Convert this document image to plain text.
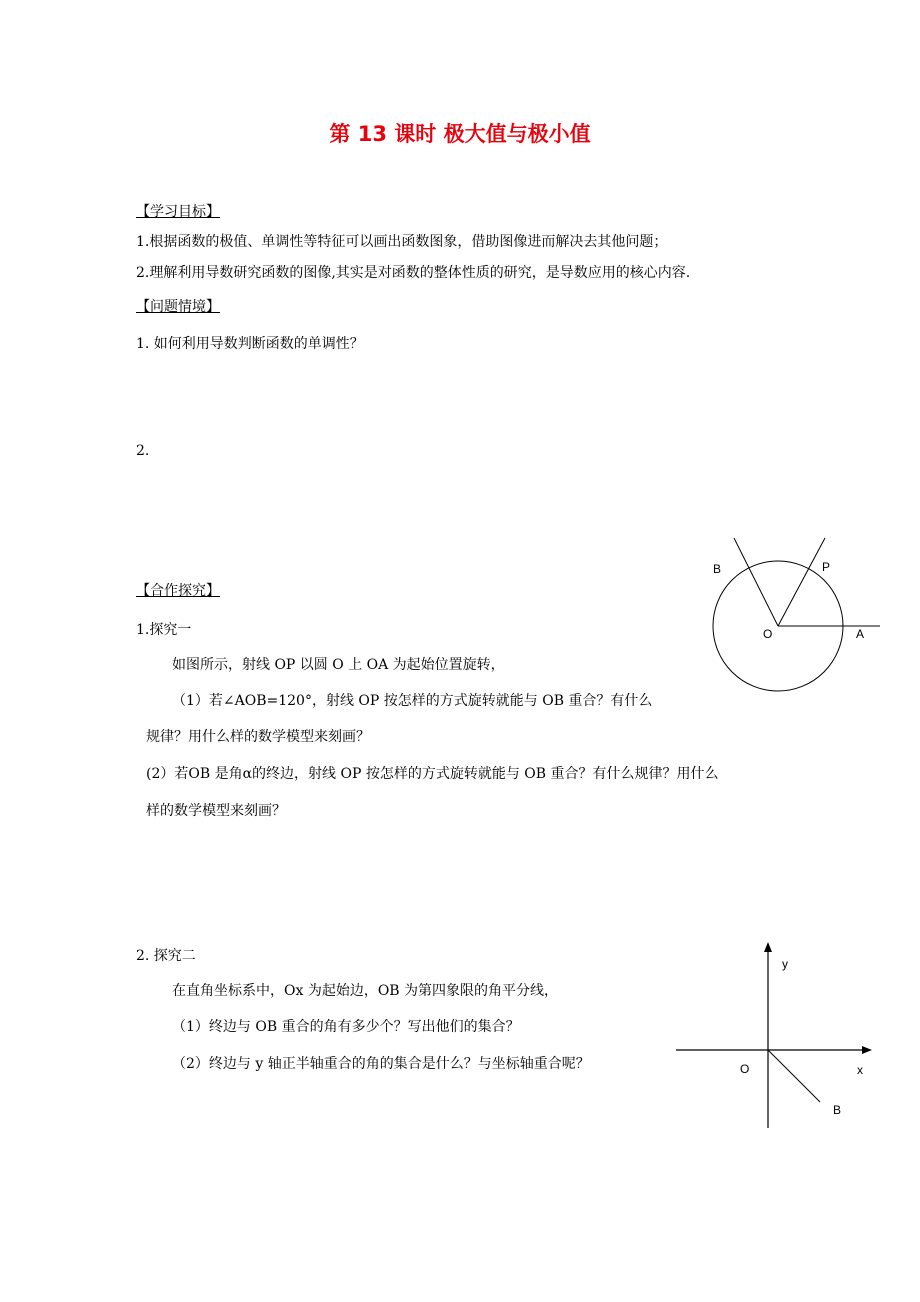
第 13 课时 极大值与极小值
【学习目标】
1.根据函数的极值、单调性等特征可以画出函数图象，借助图像进而解决去其他问题；
2.理解利用导数研究函数的图像,其实是对函数的整体性质的研究，是导数应用的核心内容.
【问题情境】
1. 如何利用导数判断函数的单调性？
2.
【合作探究】
1.探究一
如图所示，射线 OP 以圆 O 上 OA 为起始位置旋转，
（1）若∠AOB=120°，射线 OP 按怎样的方式旋转就能与 OB 重合？有什么
规律？用什么样的数学模型来刻画？
(2）若OB 是角α的终边，射线 OP 按怎样的方式旋转就能与 OB 重合？有什么规律？用什么
样的数学模型来刻画？
2. 探究二
在直角坐标系中，Ox 为起始边，OB 为第四象限的角平分线，
（1）终边与 OB 重合的角有多少个？写出他们的集合？
（2）终边与 y 轴正半轴重合的角的集合是什么？与坐标轴重合呢？
B	P
O	A
y
O	x
B
